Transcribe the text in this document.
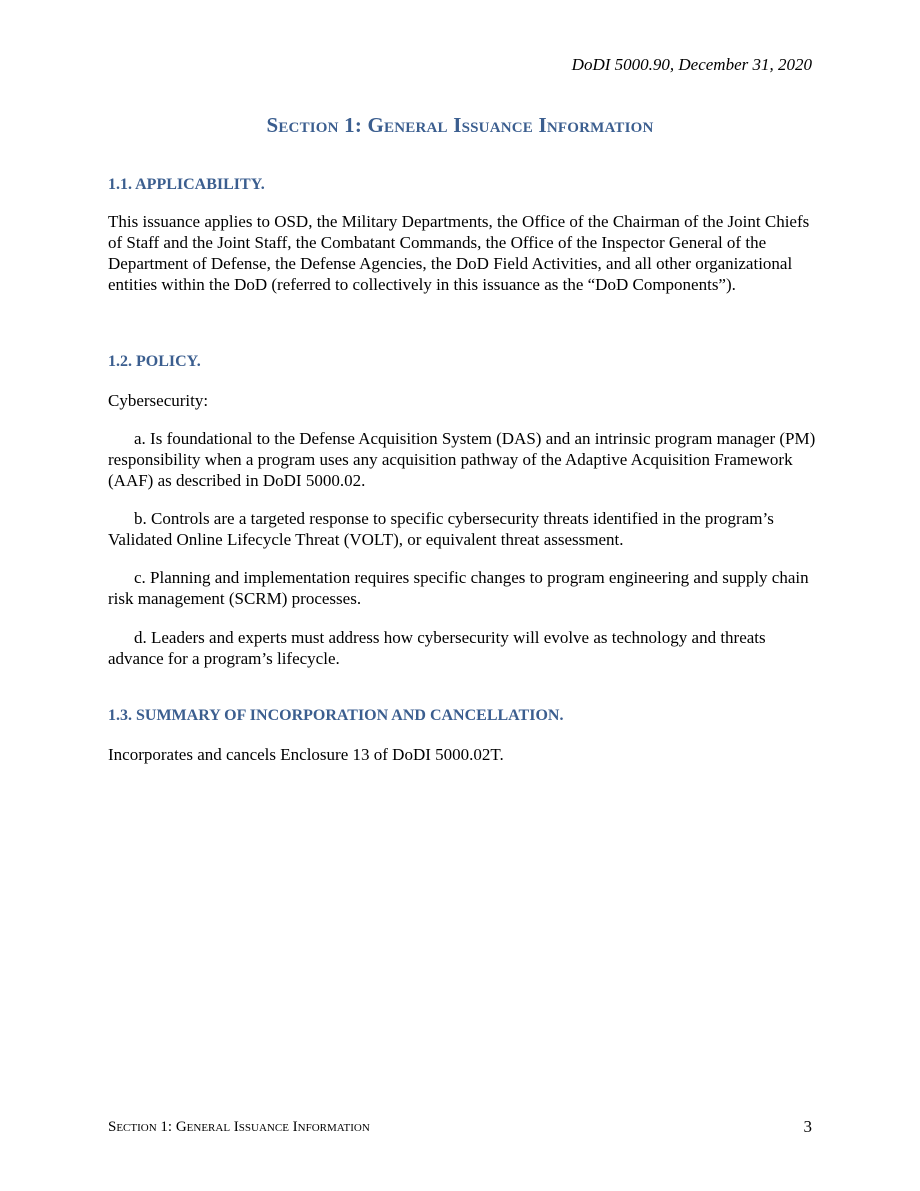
DoDI 5000.90, December 31, 2020
Section 1: General Issuance Information
1.1. APPLICABILITY.
This issuance applies to OSD, the Military Departments, the Office of the Chairman of the Joint Chiefs of Staff and the Joint Staff, the Combatant Commands, the Office of the Inspector General of the Department of Defense, the Defense Agencies, the DoD Field Activities, and all other organizational entities within the DoD (referred to collectively in this issuance as the “DoD Components”).
1.2. POLICY.
Cybersecurity:
a. Is foundational to the Defense Acquisition System (DAS) and an intrinsic program manager (PM) responsibility when a program uses any acquisition pathway of the Adaptive Acquisition Framework (AAF) as described in DoDI 5000.02.
b. Controls are a targeted response to specific cybersecurity threats identified in the program’s Validated Online Lifecycle Threat (VOLT), or equivalent threat assessment.
c. Planning and implementation requires specific changes to program engineering and supply chain risk management (SCRM) processes.
d. Leaders and experts must address how cybersecurity will evolve as technology and threats advance for a program’s lifecycle.
1.3. SUMMARY OF INCORPORATION AND CANCELLATION.
Incorporates and cancels Enclosure 13 of DoDI 5000.02T.
Section 1: General Issuance Information	3
